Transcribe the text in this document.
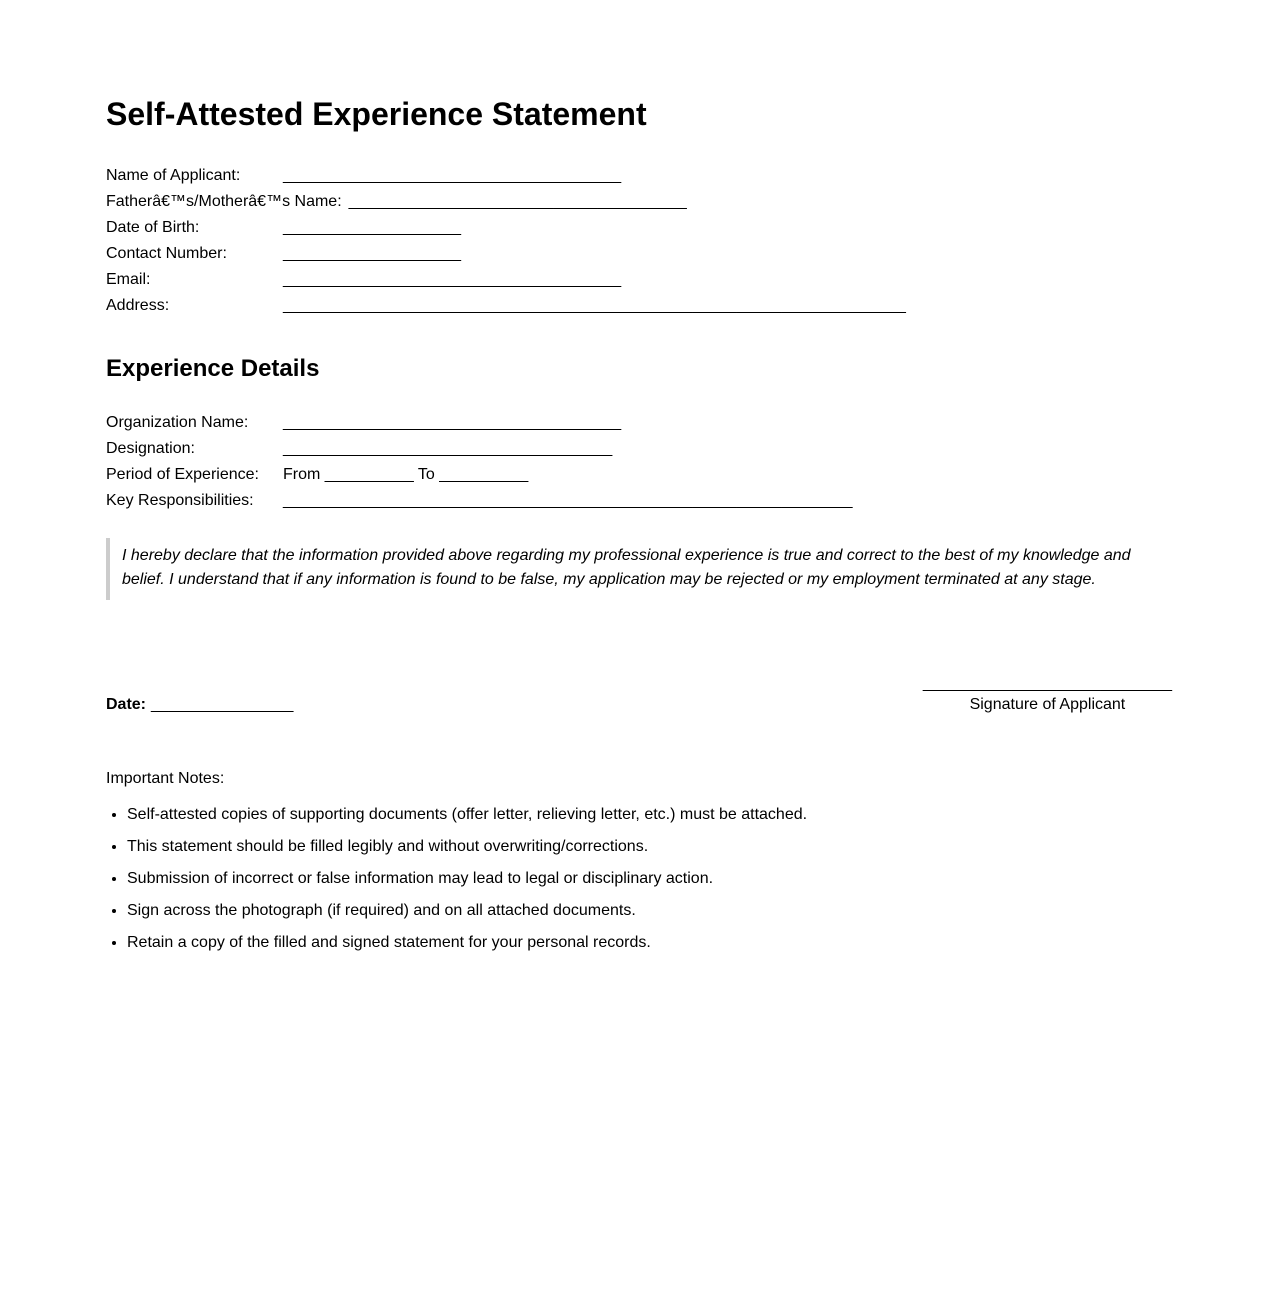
Self-Attested Experience Statement
Name of Applicant:	______________________________________
Fatherâ€™s/Motherâ€™s Name: ______________________________________
Date of Birth:	____________________
Contact Number:	____________________
Email:	______________________________________
Address:	______________________________________________________________________
Experience Details
Organization Name:	______________________________________
Designation:	_____________________________________
Period of Experience:	From __________ To __________
Key Responsibilities:	________________________________________________________________
I hereby declare that the information provided above regarding my professional experience is true and correct to the best of my knowledge and belief. I understand that if any information is found to be false, my application may be rejected or my employment terminated at any stage.

Date: ________________

____________________________
Signature of Applicant

Important Notes:

• Self-attested copies of supporting documents (offer letter, relieving letter, etc.) must be attached.
• This statement should be filled legibly and without overwriting/corrections.
• Submission of incorrect or false information may lead to legal or disciplinary action.
• Sign across the photograph (if required) and on all attached documents.
• Retain a copy of the filled and signed statement for your personal records.
